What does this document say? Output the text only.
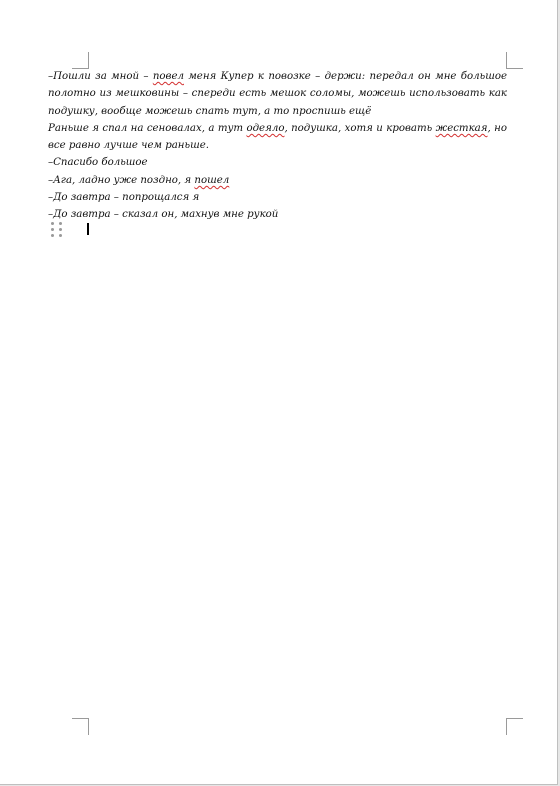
–Пошли за мной – повел меня Купер к повозке – держи: передал он мне большое полотно из мешковины – спереди есть мешок соломы, можешь использовать как подушку, вообще можешь спать тут, а то проспишь ещё

Раньше я спал на сеновалах, а тут одеяло, подушка, хотя и кровать жесткая, но все равно лучше чем раньше.

–Спасибо большое

–Ага, ладно уже поздно, я пошел

–До завтра – попрощался я

–До завтра – сказал он, махнув мне рукой
